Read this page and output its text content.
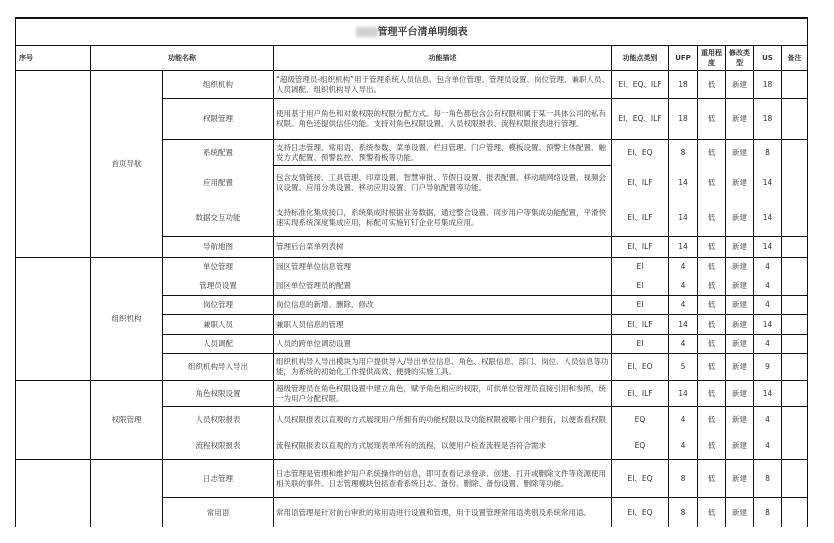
管理平台清单明细表									
序号	功能名称		功能描述	功能点类别	UFP	重用程度	修改类型	US	备注
	首页导航	组织机构	“超级管理员-组织机构”用于管理系统人员信息，包含单位管理、管理员设置、岗位管理、兼职人员、人员调配、组织机构导入导出。	EI、EQ、ILF	18	低	新建	18	
		权限管理	使用基于用户角色和对象权限的权限分配方式。每一角色都包含公有权限和属于某一具体公司的私有权限。角色还提供信任功能。支持对角色权限设置、人员权限报表、流程权限报表进行管理。	EI、EQ、ILF	18	低	新建	18	
		系统配置	支持日志管理、常用语、系统参数、菜单设置、栏目管理、门户管理、模板设置、预警主体配置、触发方式配置、预警监控、预警看板等功能。	EI、EQ	8	低	新建	8	
		应用配置	包含友情链接、工具管理、印章设置、智慧审批、节假日设置、报表配置、移动端网络设置、视频会议设置、应用分类设置、移动应用设置、门户导航配置等功能。	EI、ILF	14	低	新建	14	
		数据交互功能	支持标准化集成接口，系统集成时根据业务数据，通过整合设置、同步用户等集成功能配置，平滑快速实现系统深度集成应用，标配可实施钉钉企业号集成应用。	EI、ILF	14	低	新建	14	
		导航地图	管理后台菜单列表树	EI、ILF	14	低	新建	14	
	组织机构	单位管理	园区管理单位信息管理	EI	4	低	新建	4	
		管理员设置	园区单位管理员的配置	EI	4	低	新建	4	
		岗位管理	岗位信息的新增、删除、修改	EI	4	低	新建	4	
		兼职人员	兼职人员信息的管理	EI、ILF	14	低	新建	14	
		人员调配	人员的跨单位调动设置	EI	4	低	新建	4	
		组织机构导入导出	组织机构导入导出模块为用户提供导入/导出单位信息、角色、权限信息、部门、岗位、人员信息等功能，为系统的初始化工作提供高效、便捷的实施工具。	EI、EO	5	低	新建	9	
	权限管理	角色权限设置	超级管理员在角色权限设置中建立角色，赋予角色相应的权限，可供单位管理员直接引用和参照，统一为用户分配权限。	EI、ILF	14	低	新建	14	
		人员权限报表	人员权限报表以直观的方式展现用户所拥有的功能权限以及功能权限被哪个用户拥有，以便查看权限	EQ	4	低	新建	4	
		流程权限报表	流程权限报表以直观的方式展现表单所有的流程，以便用户检查流程是否符合需求	EQ	4	低	新建	4	
		日志管理	日志管理是管理和维护用户系统操作的信息，即可查看记录登录、创建、打开或删除文件等资源使用相关联的事件。日志管理模块包括查看系统日志、备份、删除、备份设置、删除等功能。	EI、EQ	8	低	新建	8	
		常用语	常用语管理是针对前台审批的常用语进行设置和管理，用于设置管理常用语类别及系统常用语。	EI、EQ	8	低	新建	8	
